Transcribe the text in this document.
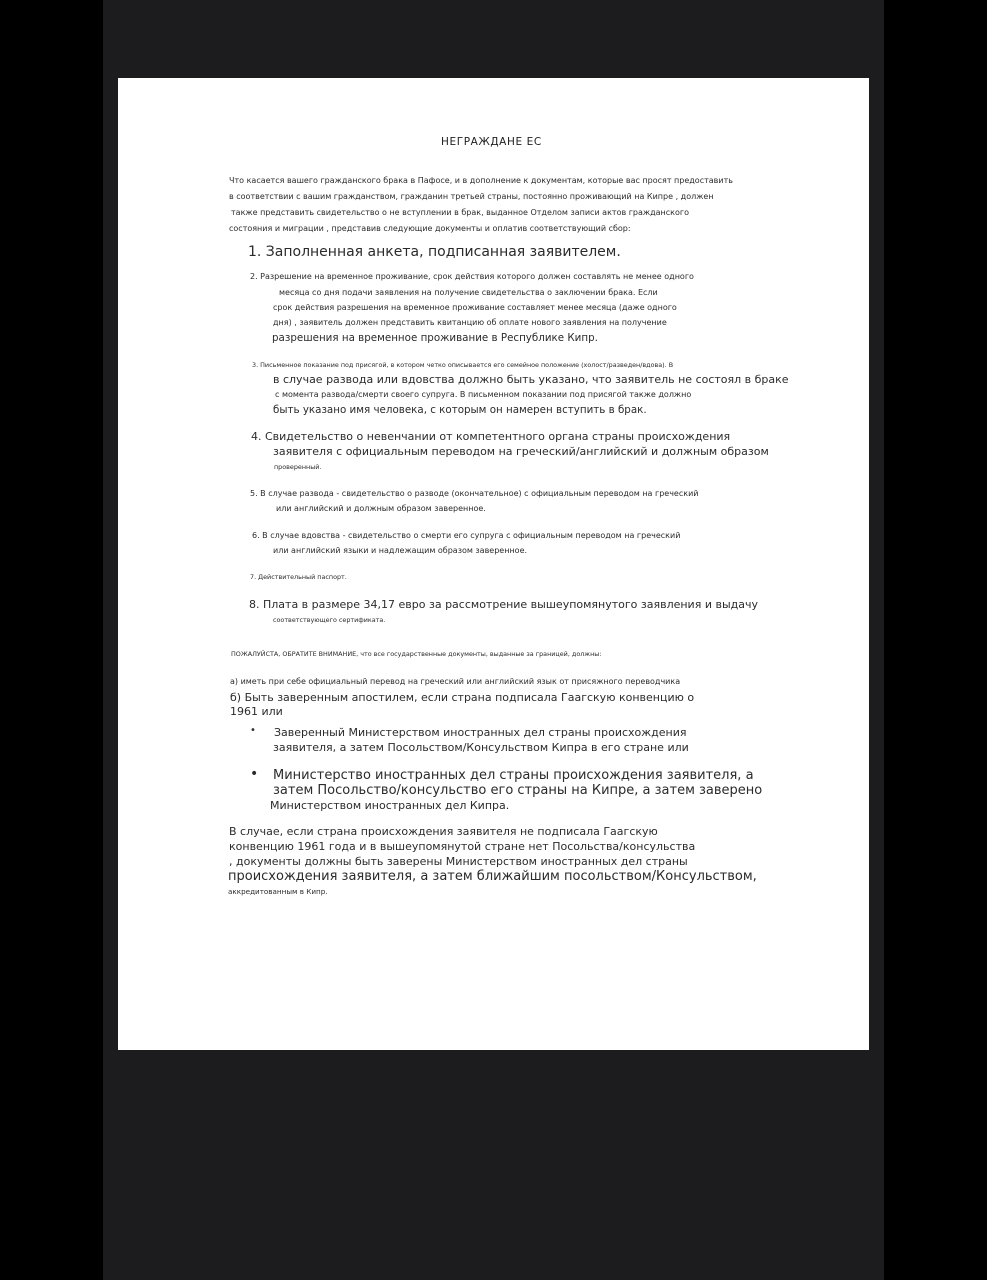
НЕГРАЖДАНЕ ЕС
Что касается вашего гражданского брака в Пафосе, и в дополнение к документам, которые вас просят предоставить
в соответствии с вашим гражданством, гражданин третьей страны, постоянно проживающий на Кипре , должен
также представить свидетельство о не вступлении в брак, выданное Отделом записи актов гражданского
состояния и миграции , представив следующие документы и оплатив соответствующий сбор:
1. Заполненная анкета, подписанная заявителем.
2. Разрешение на временное проживание, срок действия которого должен составлять не менее одного
месяца со дня подачи заявления на получение свидетельства о заключении брака. Если
срок действия разрешения на временное проживание составляет менее месяца (даже одного
дня) , заявитель должен представить квитанцию об оплате нового заявления на получение
разрешения на временное проживание в Республике Кипр.
3. Письменное показание под присягой, в котором четко описывается его семейное положение (холост/разведен/вдова). В
в случае развода или вдовства должно быть указано, что заявитель не состоял в браке
с момента развода/смерти своего супруга. В письменном показании под присягой также должно
быть указано имя человека, с которым он намерен вступить в брак.
4. Свидетельство о невенчании от компетентного органа страны происхождения
заявителя с официальным переводом на греческий/английский и должным образом
проверенный.
5. В случае развода - свидетельство о разводе (окончательное) с официальным переводом на греческий
или английский и должным образом заверенное.
6. В случае вдовства - свидетельство о смерти его супруга с официальным переводом на греческий
или английский языки и надлежащим образом заверенное.
7. Действительный паспорт.
8. Плата в размере 34,17 евро за рассмотрение вышеупомянутого заявления и выдачу
соответствующего сертификата.
ПОЖАЛУЙСТА, ОБРАТИТЕ ВНИМАНИЕ, что все государственные документы, выданные за границей, должны:
а) иметь при себе официальный перевод на греческий или английский язык от присяжного переводчика
б) Быть заверенным апостилем, если страна подписала Гаагскую конвенцию о
1961 или
• Заверенный Министерством иностранных дел страны происхождения
заявителя, а затем Посольством/Консульством Кипра в его стране или
• Министерство иностранных дел страны происхождения заявителя, а
затем Посольство/консульство его страны на Кипре, а затем заверено
Министерством иностранных дел Кипра.
В случае, если страна происхождения заявителя не подписала Гаагскую
конвенцию 1961 года и в вышеупомянутой стране нет Посольства/консульства
, документы должны быть заверены Министерством иностранных дел страны
происхождения заявителя, а затем ближайшим посольством/Консульством,
аккредитованным в Кипр.
